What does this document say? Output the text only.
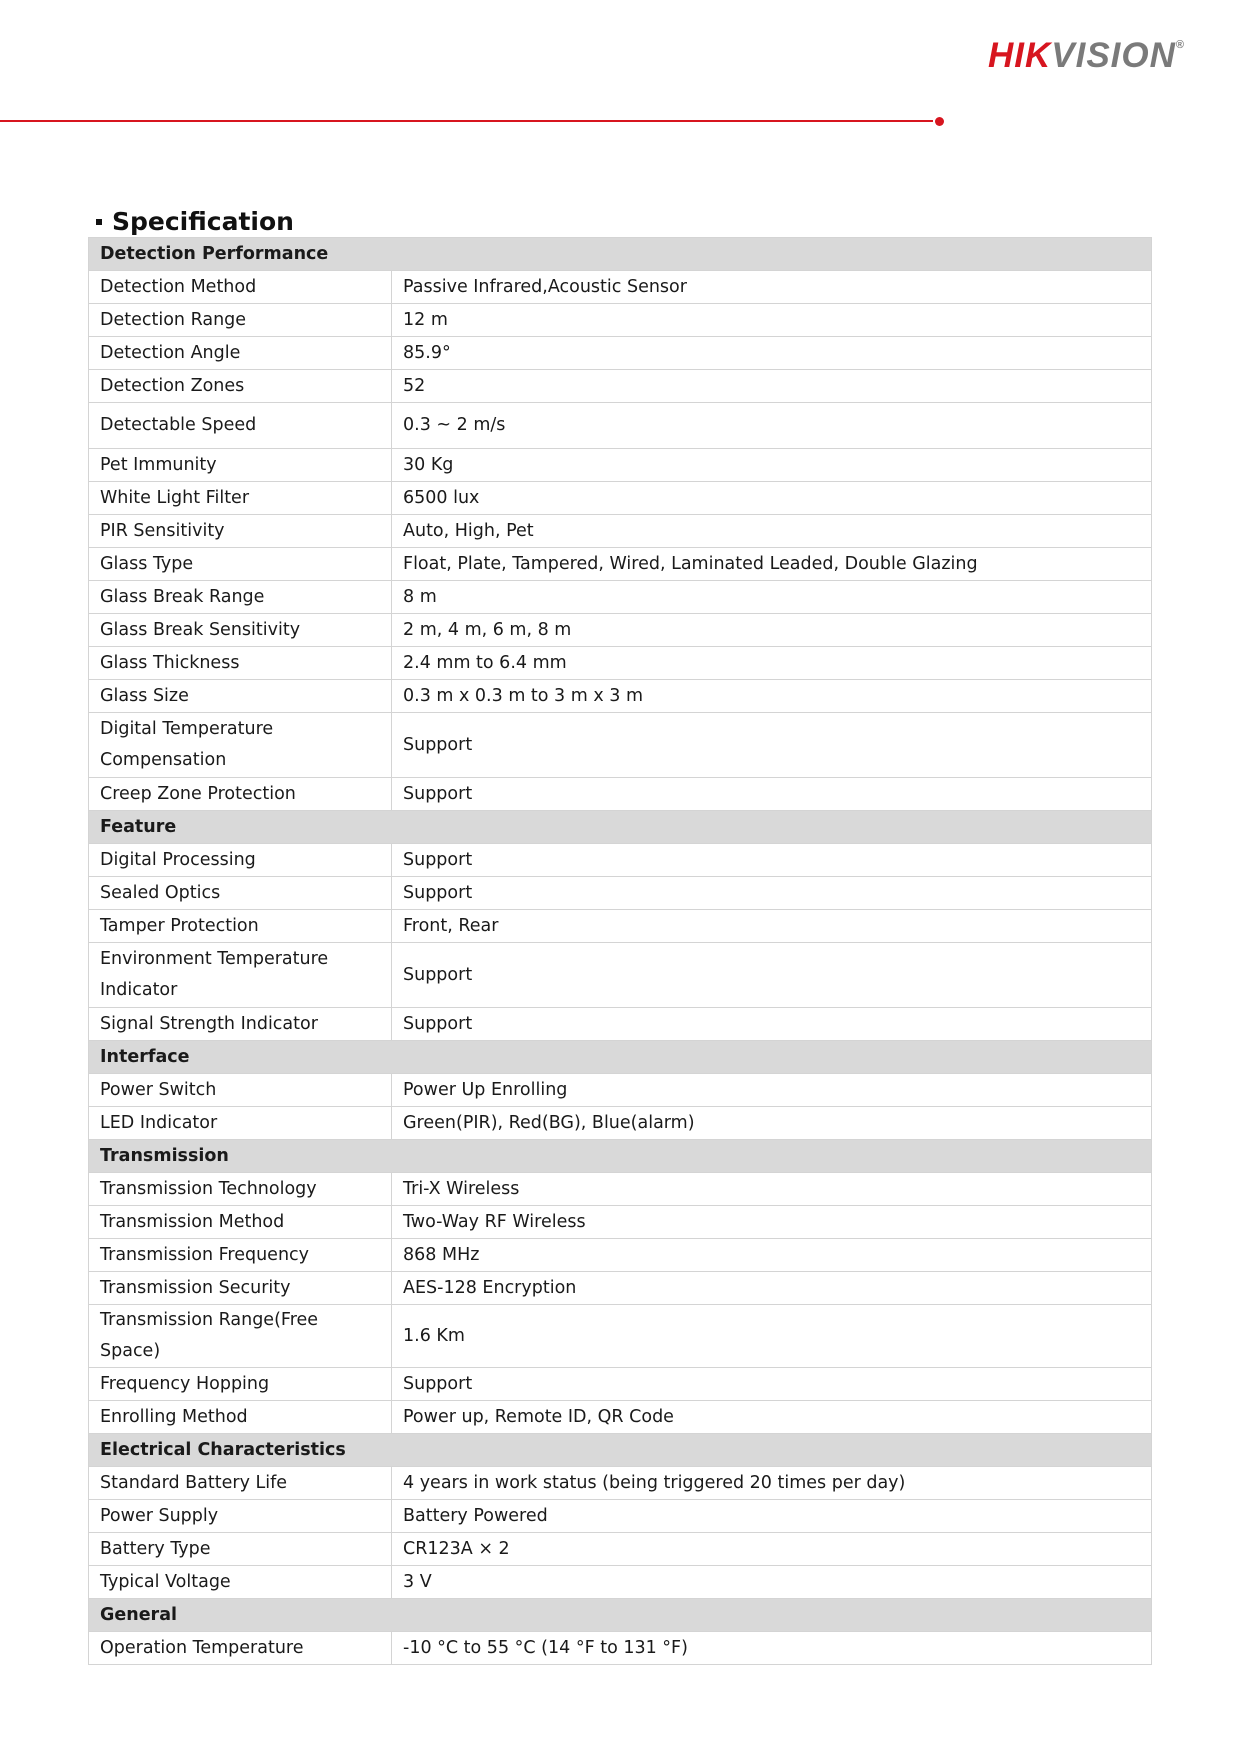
HIKVISION®
Specification
Detection Performance	
Detection Method	Passive Infrared,Acoustic Sensor
Detection Range	12 m
Detection Angle	85.9°
Detection Zones	52
Detectable Speed	0.3 ~ 2 m/s
Pet Immunity	30 Kg
White Light Filter	6500 lux
PIR Sensitivity	Auto, High, Pet
Glass Type	Float, Plate, Tampered, Wired, Laminated Leaded, Double Glazing
Glass Break Range	8 m
Glass Break Sensitivity	2 m, 4 m, 6 m, 8 m
Glass Thickness	2.4 mm to 6.4 mm
Glass Size	0.3 m x 0.3 m to 3 m x 3 m
Digital Temperature Compensation	Support
Creep Zone Protection	Support
Feature	
Digital Processing	Support
Sealed Optics	Support
Tamper Protection	Front, Rear
Environment Temperature Indicator	Support
Signal Strength Indicator	Support
Interface	
Power Switch	Power Up Enrolling
LED Indicator	Green(PIR), Red(BG), Blue(alarm)
Transmission	
Transmission Technology	Tri-X Wireless
Transmission Method	Two-Way RF Wireless
Transmission Frequency	868 MHz
Transmission Security	AES-128 Encryption
Transmission Range(Free Space)	1.6 Km
Frequency Hopping	Support
Enrolling Method	Power up, Remote ID, QR Code
Electrical Characteristics	
Standard Battery Life	4 years in work status (being triggered 20 times per day)
Power Supply	Battery Powered
Battery Type	CR123A × 2
Typical Voltage	3 V
General	
Operation Temperature	-10 °C to 55 °C (14 °F to 131 °F)
